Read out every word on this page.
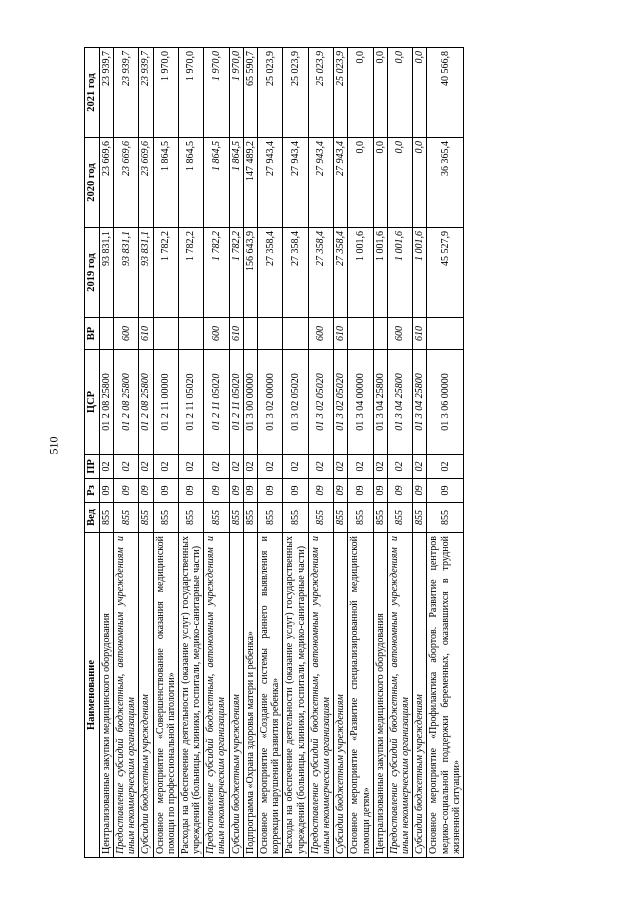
510
Наименование	Вед	Рз	ПР	ЦСР	ВР	2019 год	2020 год	2021 год
Централизованные закупки медицинского оборудования	855	09	02	01 2 08 25800		93 831,1	23 669,6	23 939,7
Предоставление субсидий бюджетным, автономным учреждениям и иным некоммерческим организациям	855	09	02	01 2 08 25800	600	93 831,1	23 669,6	23 939,7
Субсидии бюджетным учреждениям	855	09	02	01 2 08 25800	610	93 831,1	23 669,6	23 939,7
Основное мероприятие «Совершенствование оказания медицинской помощи по профессиональной патологии»	855	09	02	01 2 11 00000		1 782,2	1 864,5	1 970,0
Расходы на обеспечение деятельности (оказание услуг) государственных учреждений (больницы, клиники, госпитали, медико-санитарные части)	855	09	02	01 2 11 05020		1 782,2	1 864,5	1 970,0
Предоставление субсидий бюджетным, автономным учреждениям и иным некоммерческим организациям	855	09	02	01 2 11 05020	600	1 782,2	1 864,5	1 970,0
Субсидии бюджетным учреждениям	855	09	02	01 2 11 05020	610	1 782,2	1 864,5	1 970,0
Подпрограмма «Охрана здоровья матери и ребенка»	855	09	02	01 3 00 00000		156 643,9	147 489,2	65 590,7
Основное мероприятие «Создание системы раннего выявления и коррекции нарушений развития ребенка»	855	09	02	01 3 02 00000		27 358,4	27 943,4	25 023,9
Расходы на обеспечение деятельности (оказание услуг) государственных учреждений (больницы, клиники, госпитали, медико-санитарные части)	855	09	02	01 3 02 05020		27 358,4	27 943,4	25 023,9
Предоставление субсидий бюджетным, автономным учреждениям и иным некоммерческим организациям	855	09	02	01 3 02 05020	600	27 358,4	27 943,4	25 023,9
Субсидии бюджетным учреждениям	855	09	02	01 3 02 05020	610	27 358,4	27 943,4	25 023,9
Основное мероприятие «Развитие специализированной медицинской помощи детям»	855	09	02	01 3 04 00000		1 001,6	0,0	0,0
Централизованные закупки медицинского оборудования	855	09	02	01 3 04 25800		1 001,6	0,0	0,0
Предоставление субсидий бюджетным, автономным учреждениям и иным некоммерческим организациям	855	09	02	01 3 04 25800	600	1 001,6	0,0	0,0
Субсидии бюджетным учреждениям	855	09	02	01 3 04 25800	610	1 001,6	0,0	0,0
Основное мероприятие «Профилактика абортов. Развитие центров медико-социальной поддержки беременных, оказавшихся в трудной жизненной ситуации»	855	09	02	01 3 06 00000		45 527,9	36 365,4	40 566,8
